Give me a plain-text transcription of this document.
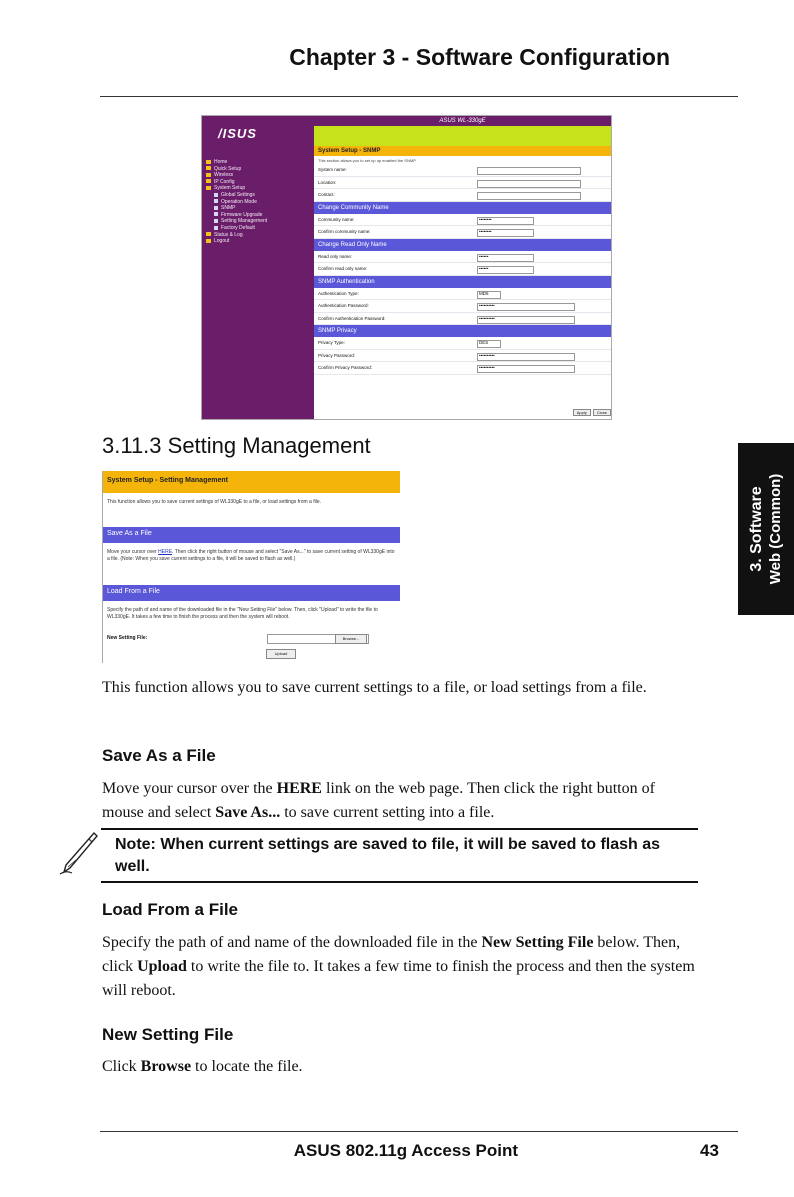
Chapter 3 - Software Configuration
/ISUS
Home
Quick Setup
Wireless
IP Config
System Setup
Global Settings
Operation Mode
SNMP
Firmware Upgrade
Setting Management
Factory Default
Status & Log
Logout
ASUS WL-330gE
System Setup - SNMP
This section allows you to set up up enabled the SNMP.
System name:
Location:
Contact:
Change Community Name
Community name:	••••••••
Confirm community name:	••••••••
Change Read Only Name
Read only name:	••••••
Confirm read only name:	••••••
SNMP Authentication
Authentication Type:	MD5
Authentication Password:	••••••••••
Confirm Authentication Password:	••••••••••
SNMP Privacy
Privacy Type:	DES
Privacy Password:	••••••••••
Confirm Privacy Password:	••••••••••
Apply	Close
3.11.3 Setting Management
System Setup - Setting Management
This function allows you to save current settings of WL330gE to a file, or load settings from a file.
Save As a File
Move your cursor over HERE. Then click the right button of mouse and select "Save As..." to save current setting of WL330gE into a file. (Note: When you save current settings to a file, it will be saved to flash as well.)
Load From a File
Specify the path of and name of the downloaded file in the "New Setting File" below. Then, click "Upload" to write the file to WL330gE. It takes a few time to finish the process and then the system will reboot.
New Setting File:	Browse...
Upload
3. Software Web (Common)
This function allows you to save current settings to a file, or load settings from a file.
Save As a File
Move your cursor over the HERE link on the web page. Then click the right button of mouse and select Save As... to save current setting into a file.
Note: When current settings are saved to file, it will be saved to flash as well.
Load From a File
Specify the path of and name of the downloaded file in the New Setting File below. Then, click Upload to write the file to. It takes a few time to finish the process and then the system will reboot.
New Setting File
Click Browse to locate the file.
ASUS 802.11g Access Point	43
